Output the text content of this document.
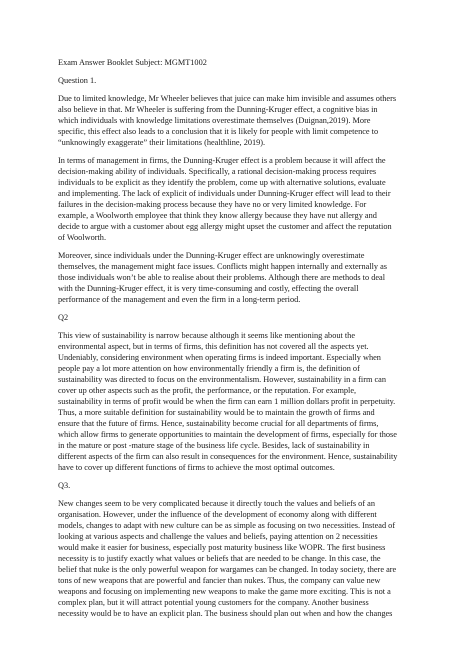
Exam Answer Booklet Subject: MGMT1002
Question 1.
Due to limited knowledge, Mr Wheeler believes that juice can make him invisible and assumes others
also believe in that. Mr Wheeler is suffering from the Dunning-Kruger effect, a cognitive bias in
which individuals with knowledge limitations overestimate themselves (Duignan,2019). More
specific, this effect also leads to a conclusion that it is likely for people with limit competence to
“unknowingly exaggerate” their limitations (healthline, 2019).
In terms of management in firms, the Dunning-Kruger effect is a problem because it will affect the
decision-making ability of individuals. Specifically, a rational decision-making process requires
individuals to be explicit as they identify the problem, come up with alternative solutions, evaluate
and implementing. The lack of explicit of individuals under Dunning-Kruger effect will lead to their
failures in the decision-making process because they have no or very limited knowledge. For
example, a Woolworth employee that think they know allergy because they have nut allergy and
decide to argue with a customer about egg allergy might upset the customer and affect the reputation
of Woolworth.
Moreover, since individuals under the Dunning-Kruger effect are unknowingly overestimate
themselves, the management might face issues. Conflicts might happen internally and externally as
those individuals won’t be able to realise about their problems. Although there are methods to deal
with the Dunning-Kruger effect, it is very time-consuming and costly, effecting the overall
performance of the management and even the firm in a long-term period.
Q2
This view of sustainability is narrow because although it seems like mentioning about the
environmental aspect, but in terms of firms, this definition has not covered all the aspects yet.
Undeniably, considering environment when operating firms is indeed important. Especially when
people pay a lot more attention on how environmentally friendly a firm is, the definition of
sustainability was directed to focus on the environmentalism. However, sustainability in a firm can
cover up other aspects such as the profit, the performance, or the reputation. For example,
sustainability in terms of profit would be when the firm can earn 1 million dollars profit in perpetuity.
Thus, a more suitable definition for sustainability would be to maintain the growth of firms and
ensure that the future of firms. Hence, sustainability become crucial for all departments of firms,
which allow firms to generate opportunities to maintain the development of firms, especially for those
in the mature or post -mature stage of the business life cycle. Besides, lack of sustainability in
different aspects of the firm can also result in consequences for the environment. Hence, sustainability
have to cover up different functions of firms to achieve the most optimal outcomes.
Q3.
New changes seem to be very complicated because it directly touch the values and beliefs of an
organisation. However, under the influence of the development of economy along with different
models, changes to adapt with new culture can be as simple as focusing on two necessities. Instead of
looking at various aspects and challenge the values and beliefs, paying attention on 2 necessities
would make it easier for business, especially post maturity business like WOPR. The first business
necessity is to justify exactly what values or beliefs that are needed to be change. In this case, the
belief that nuke is the only powerful weapon for wargames can be changed. In today society, there are
tons of new weapons that are powerful and fancier than nukes. Thus, the company can value new
weapons and focusing on implementing new weapons to make the game more exciting. This is not a
complex plan, but it will attract potential young customers for the company. Another business
necessity would be to have an explicit plan. The business should plan out when and how the changes
